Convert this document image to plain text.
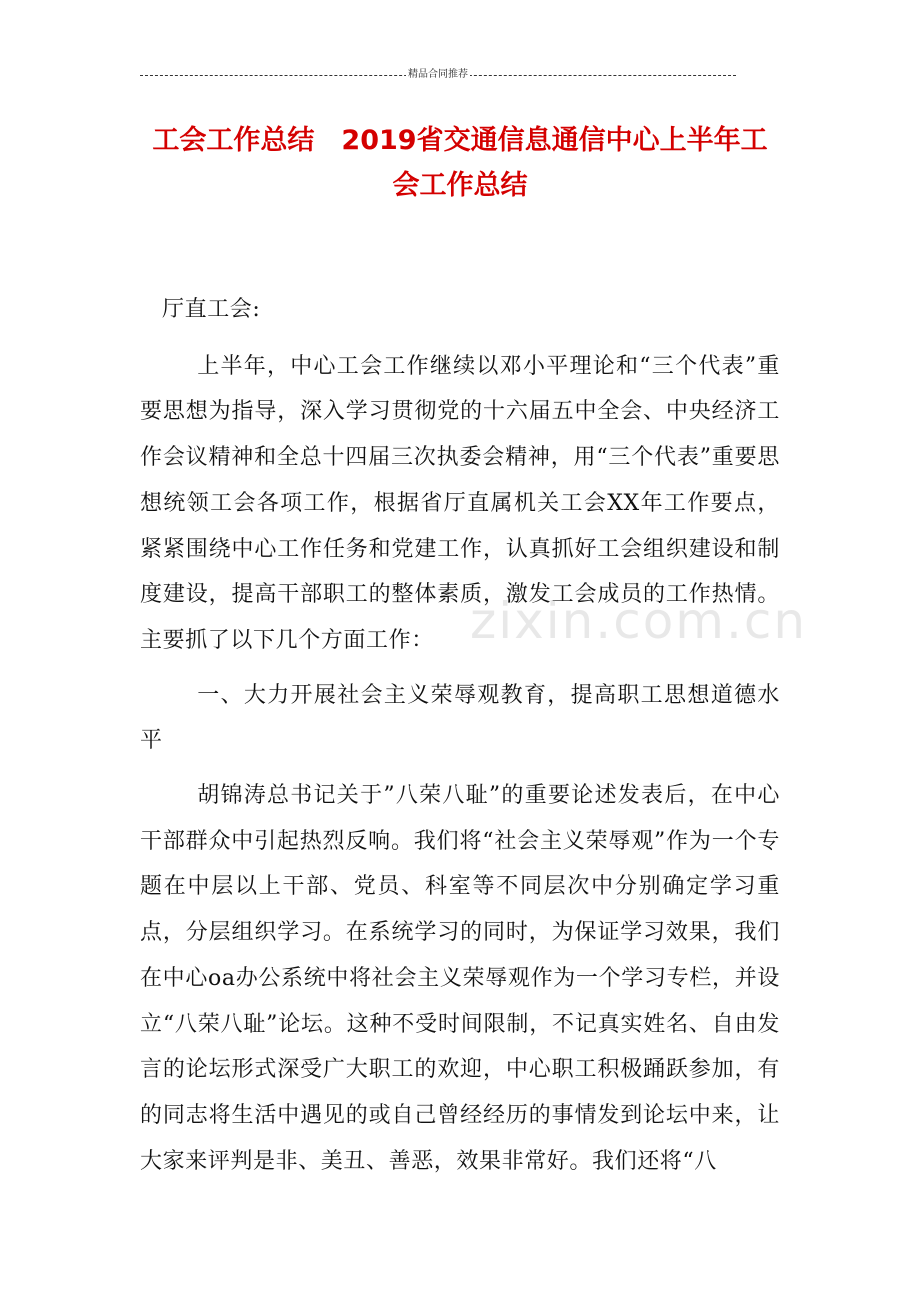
精品合同推荐
工会工作总结　2019省交通信息通信中心上半年工会工作总结

厅直工会:

上半年，中心工会工作继续以邓小平理论和“三个代表”重要思想为指导，深入学习贯彻党的十六届五中全会、中央经济工作会议精神和全总十四届三次执委会精神，用“三个代表”重要思想统领工会各项工作，根据省厅直属机关工会XX年工作要点，紧紧围绕中心工作任务和党建工作，认真抓好工会组织建设和制度建设，提高干部职工的整体素质，激发工会成员的工作热情。主要抓了以下几个方面工作：

一、大力开展社会主义荣辱观教育，提高职工思想道德水平

胡锦涛总书记关于”八荣八耻”的重要论述发表后，在中心干部群众中引起热烈反响。我们将“社会主义荣辱观”作为一个专题在中层以上干部、党员、科室等不同层次中分别确定学习重点，分层组织学习。在系统学习的同时，为保证学习效果，我们在中心oa办公系统中将社会主义荣辱观作为一个学习专栏，并设立“八荣八耻”论坛。这种不受时间限制，不记真实姓名、自由发言的论坛形式深受广大职工的欢迎，中心职工积极踊跃参加，有的同志将生活中遇见的或自己曾经经历的事情发到论坛中来，让大家来评判是非、美丑、善恶，效果非常好。我们还将“八

zixin.com.cn
